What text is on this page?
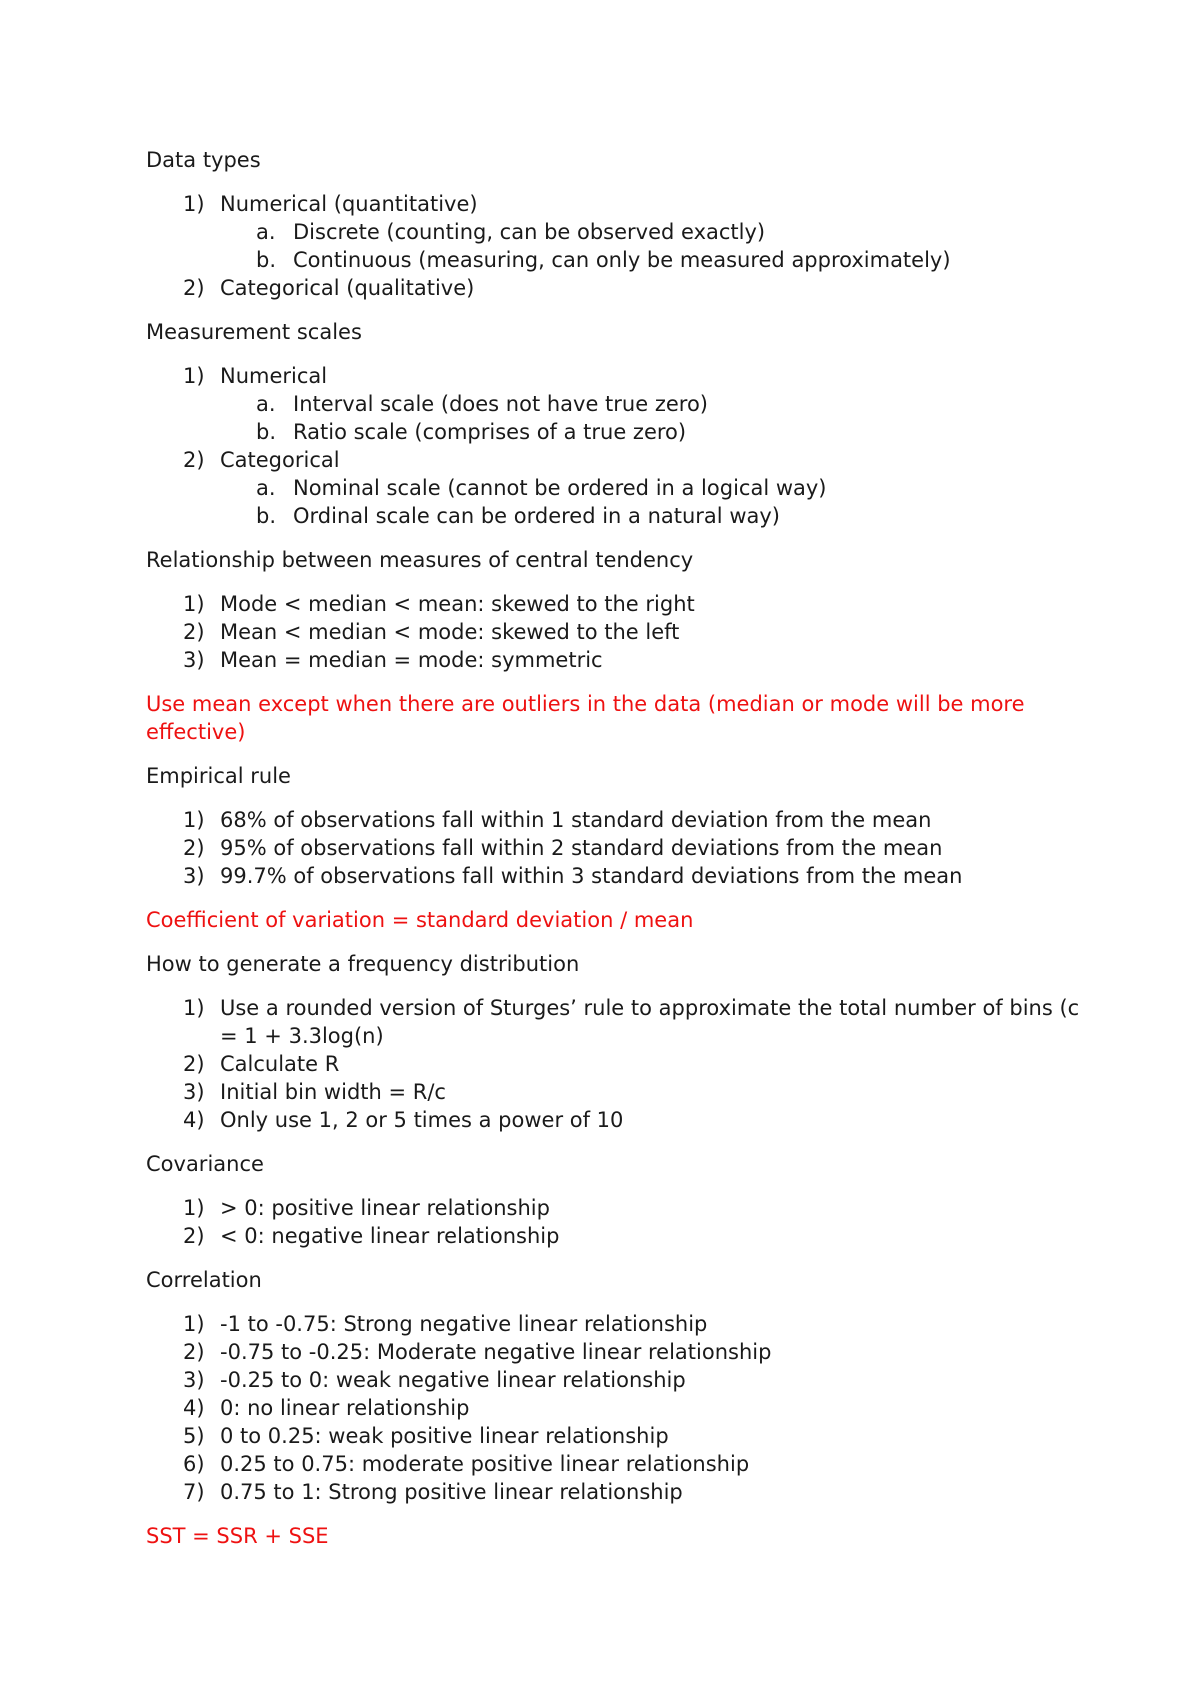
Data types
1) Numerical (quantitative)
a. Discrete (counting, can be observed exactly)
b. Continuous (measuring, can only be measured approximately)
2) Categorical (qualitative)
Measurement scales
1) Numerical
a. Interval scale (does not have true zero)
b. Ratio scale (comprises of a true zero)
2) Categorical
a. Nominal scale (cannot be ordered in a logical way)
b. Ordinal scale can be ordered in a natural way)
Relationship between measures of central tendency
1) Mode < median < mean: skewed to the right
2) Mean < median < mode: skewed to the left
3) Mean = median = mode: symmetric
Use mean except when there are outliers in the data (median or mode will be more effective)
Empirical rule
1) 68% of observations fall within 1 standard deviation from the mean
2) 95% of observations fall within 2 standard deviations from the mean
3) 99.7% of observations fall within 3 standard deviations from the mean
Coefficient of variation = standard deviation / mean
How to generate a frequency distribution
1) Use a rounded version of Sturges’ rule to approximate the total number of bins (c = 1 + 3.3log(n)
2) Calculate R
3) Initial bin width = R/c
4) Only use 1, 2 or 5 times a power of 10
Covariance
1) > 0: positive linear relationship
2) < 0: negative linear relationship
Correlation
1) -1 to -0.75: Strong negative linear relationship
2) -0.75 to -0.25: Moderate negative linear relationship
3) -0.25 to 0: weak negative linear relationship
4) 0: no linear relationship
5) 0 to 0.25: weak positive linear relationship
6) 0.25 to 0.75: moderate positive linear relationship
7) 0.75 to 1: Strong positive linear relationship
SST = SSR + SSE
